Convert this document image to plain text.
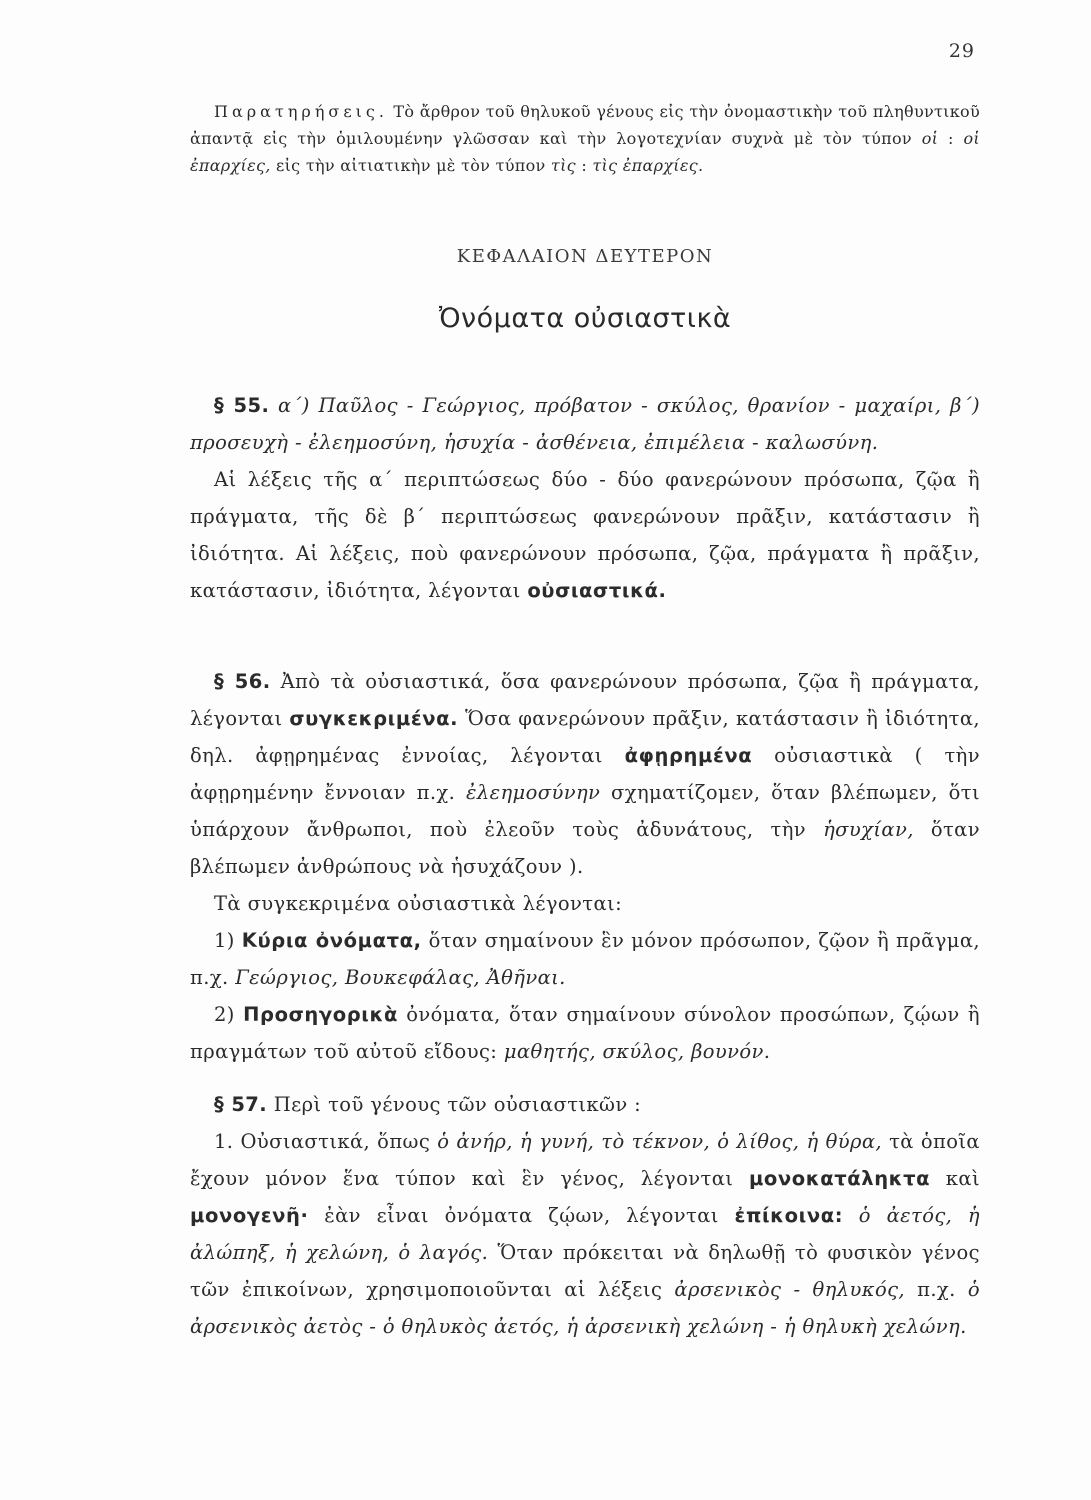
29

Παρατηρήσεις. Τὸ ἄρθρον τοῦ θηλυκοῦ γένους εἰς τὴν ὀνομαστικὴν τοῦ πληθυντικοῦ ἀπαντᾷ εἰς τὴν ὁμιλουμένην γλῶσσαν καὶ τὴν λογοτεχνίαν συχνὰ μὲ τὸν τύπον οἱ : οἱ ἐπαρχίες, εἰς τὴν αἰτιατικὴν μὲ τὸν τύπον τὶς : τὶς ἐπαρχίες.

ΚΕΦΑΛΑΙΟΝ ΔΕΥΤΕΡΟΝ
Ὀνόματα οὐσιαστικὰ

§ 55. α΄) Παῦλος - Γεώργιος, πρόβατον - σκύλος, θρανίον - μαχαίρι, β΄) προσευχὴ - ἐλεημοσύνη, ἡσυχία - ἀσθένεια, ἐπιμέλεια - καλωσύνη.

Αἱ λέξεις τῆς α΄ περιπτώσεως δύο - δύο φανερώνουν πρόσωπα, ζῷα ἢ πράγματα, τῆς δὲ β΄ περιπτώσεως φανερώνουν πρᾶξιν, κατάστασιν ἢ ἰδιότητα. Αἱ λέξεις, ποὺ φανερώνουν πρόσωπα, ζῷα, πράγματα ἢ πρᾶξιν, κατάστασιν, ἰδιότητα, λέγονται οὐσιαστικά.

§ 56. Ἀπὸ τὰ οὐσιαστικά, ὅσα φανερώνουν πρόσωπα, ζῷα ἢ πράγματα, λέγονται συγκεκριμένα. Ὅσα φανερώνουν πρᾶξιν, κατάστασιν ἢ ἰδιότητα, δηλ. ἀφῃρημένας ἐννοίας, λέγονται ἀφῃρημένα οὐσιαστικὰ ( τὴν ἀφῃρημένην ἔννοιαν π.χ. ἐλεημοσύνην σχηματίζομεν, ὅταν βλέπωμεν, ὅτι ὑπάρχουν ἄνθρωποι, ποὺ ἐλεοῦν τοὺς ἀδυνάτους, τὴν ἡσυχίαν, ὅταν βλέπωμεν ἀνθρώπους νὰ ἡσυχάζουν ).

Τὰ συγκεκριμένα οὐσιαστικὰ λέγονται:

1) Κύρια ὀνόματα, ὅταν σημαίνουν ἓν μόνον πρόσωπον, ζῷον ἢ πρᾶγμα, π.χ. Γεώργιος, Βουκεφάλας, Ἀθῆναι.

2) Προσηγορικὰ ὀνόματα, ὅταν σημαίνουν σύνολον προσώπων, ζῴων ἢ πραγμάτων τοῦ αὐτοῦ εἴδους: μαθητής, σκύλος, βουνόν.

§ 57. Περὶ τοῦ γένους τῶν οὐσιαστικῶν :

1. Οὐσιαστικά, ὅπως ὁ ἀνήρ, ἡ γυνή, τὸ τέκνον, ὁ λίθος, ἡ θύρα, τὰ ὁποῖα ἔχουν μόνον ἕνα τύπον καὶ ἓν γένος, λέγονται μονοκατάληκτα καὶ μονογενῆ· ἐὰν εἶναι ὀνόματα ζῴων, λέγονται ἐπίκοινα: ὁ ἀετός, ἡ ἀλώπηξ, ἡ χελώνη, ὁ λαγός. Ὅταν πρόκειται νὰ δηλωθῇ τὸ φυσικὸν γένος τῶν ἐπικοίνων, χρησιμοποιοῦνται αἱ λέξεις ἀρσενικὸς - θηλυκός, π.χ. ὁ ἀρσενικὸς ἀετὸς - ὁ θηλυκὸς ἀετός, ἡ ἀρσενικὴ χελώνη - ἡ θηλυκὴ χελώνη.
